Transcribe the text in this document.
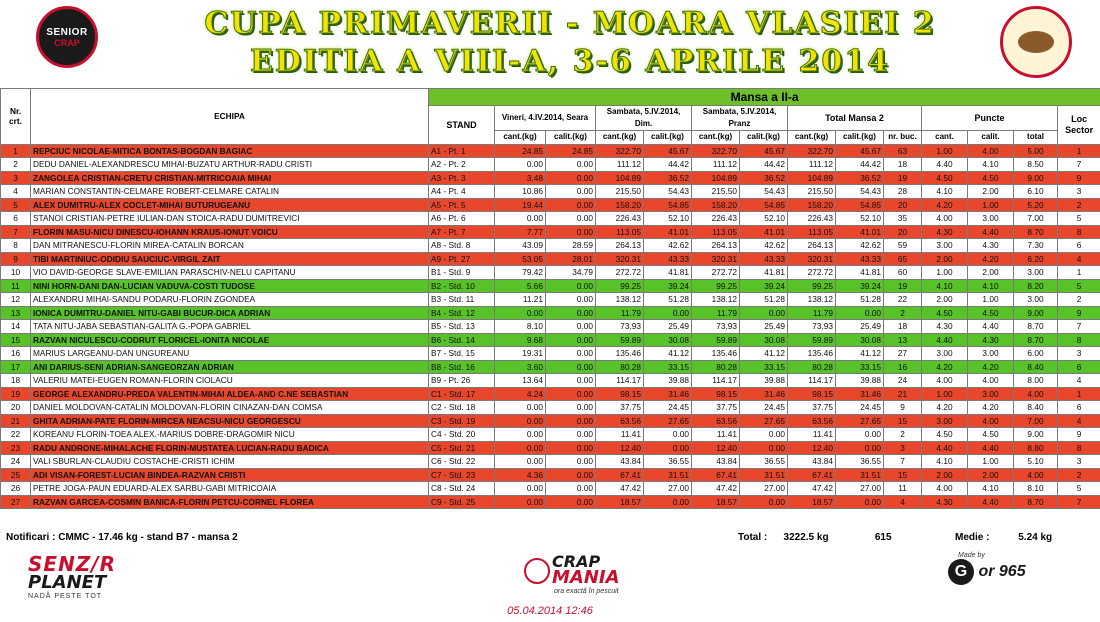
SENIOR
CRAP
CUPA PRIMAVERII - MOARA VLASIEI 2
EDITIA A VIII-A, 3-6 APRILE 2014
Nr. crt.	ECHIPA	Mansa a II-a													
		STAND	Vineri, 4.IV.2014, Seara		Sambata, 5.IV.2014, Dim.		Sambata, 5.IV.2014, Pranz		Total Mansa 2			Puncte			Loc Sector
			cant.(kg)	calit.(kg)	cant.(kg)	calit.(kg)	cant.(kg)	calit.(kg)	cant.(kg)	calit.(kg)	nr. buc.	cant.	calit.	total	
1	REPCIUC NICOLAE-MITICA BONTAS-BOGDAN BAGIAC	A1 - Pt. 1	24.85	24.85	322.70	45.67	322.70	45.67	322.70	45.67	63	1.00	4.00	5.00	1
2	DEDU DANIEL-ALEXANDRESCU MIHAI-BUZATU ARTHUR-RADU CRISTI	A2 - Pt. 2	0.00	0.00	111.12	44.42	111.12	44.42	111.12	44.42	18	4.40	4.10	8.50	7
3	ZANGOLEA CRISTIAN-CRETU CRISTIAN-MITRICOAIA MIHAI	A3 - Pt. 3	3.48	0.00	104.89	36.52	104.89	36.52	104.89	36.52	19	4.50	4.50	9.00	9
4	MARIAN CONSTANTIN-CELMARE ROBERT-CELMARE CATALIN	A4 - Pt. 4	10.86	0.00	215.50	54.43	215.50	54.43	215.50	54.43	28	4.10	2.00	6.10	3
5	ALEX DUMITRU-ALEX COCLET-MIHAI BUTURUGEANU	A5 - Pt. 5	19.44	0.00	158.20	54.85	158.20	54.85	158.20	54.85	20	4.20	1.00	5.20	2
6	STANOI CRISTIAN-PETRE IULIAN-DAN STOICA-RADU DUMITREVICI	A6 - Pt. 6	0.00	0.00	226.43	52.10	226.43	52.10	226.43	52.10	35	4.00	3.00	7.00	5
7	FLORIN MASU-NICU DINESCU-IOHANN KRAUS-IONUT VOICU	A7 - Pt. 7	7.77	0.00	113.05	41.01	113.05	41.01	113.05	41.01	20	4.30	4.40	8.70	8
8	DAN MITRANESCU-FLORIN MIREA-CATALIN BORCAN	A8 - Std. 8	43.09	28.59	264.13	42.62	264.13	42.62	264.13	42.62	59	3.00	4.30	7.30	6
9	TIBI MARTINIUC-ODIDIU SAUCIUC-VIRGIL ZAIT	A9 - Pt. 27	53.05	28.01	320.31	43.33	320.31	43.33	320.31	43.33	65	2.00	4.20	6.20	4
10	VIO DAVID-GEORGE SLAVE-EMILIAN PARASCHIV-NELU CAPITANU	B1 - Std. 9	79.42	34.79	272.72	41.81	272.72	41.81	272.72	41.81	60	1.00	2.00	3.00	1
11	NINI HORN-DANI DAN-LUCIAN VADUVA-COSTI TUDOSE	B2 - Std. 10	5.66	0.00	99.25	39.24	99.25	39.24	99.25	39.24	19	4.10	4.10	8.20	5
12	ALEXANDRU MIHAI-SANDU PODARU-FLORIN ZGONDEA	B3 - Std. 11	11.21	0.00	138.12	51.28	138.12	51.28	138.12	51.28	22	2.00	1.00	3.00	2
13	IONICA DUMITRU-DANIEL NITU-GABI BUCUR-DICA ADRIAN	B4 - Std. 12	0.00	0.00	11.79	0.00	11.79	0.00	11.79	0.00	2	4.50	4.50	9.00	9
14	TATA NITU-JABA SEBASTIAN-GALITA G.-POPA GABRIEL	B5 - Std. 13	8.10	0.00	73.93	25.49	73.93	25.49	73.93	25.49	18	4.30	4.40	8.70	7
15	RAZVAN NICULESCU-CODRUT FLORICEL-IONITA NICOLAE	B6 - Std. 14	9.68	0.00	59.89	30.08	59.89	30.08	59.89	30.08	13	4.40	4.30	8.70	8
16	MARIUS LARGEANU-DAN UNGUREANU	B7 - Std. 15	19.31	0.00	135.46	41.12	135.46	41.12	135.46	41.12	27	3.00	3.00	6.00	3
17	ANI DARIUS-SENI ADRIAN-SANGEORZAN ADRIAN	B8 - Std. 16	3.60	0.00	80.28	33.15	80.28	33.15	80.28	33.15	16	4.20	4.20	8.40	6
18	VALERIU MATEI-EUGEN ROMAN-FLORIN CIOLACU	B9 - Pt. 26	13.64	0.00	114.17	39.88	114.17	39.88	114.17	39.88	24	4.00	4.00	8.00	4
19	GEORGE ALEXANDRU-PREDA VALENTIN-MIHAI ALDEA-AND C.NE SEBASTIAN	C1 - Std. 17	4.24	0.00	98.15	31.46	98.15	31.46	98.15	31.46	21	1.00	3.00	4.00	1
20	DANIEL MOLDOVAN-CATALIN MOLDOVAN-FLORIN CINAZAN-DAN COMSA	C2 - Std. 18	0.00	0.00	37.75	24.45	37.75	24.45	37.75	24.45	9	4.20	4.20	8.40	6
21	GHITA ADRIAN-PATE FLORIN-MIRCEA NEACSU-NICU GEORGESCU	C3 - Std. 19	0.00	0.00	63.56	27.65	63.56	27.65	63.56	27.65	15	3.00	4.00	7.00	4
22	KOREANU FLORIN-TOEA ALEX.-MARIUS DOBRE-DRAGOMIR NICU	C4 - Std. 20	0.00	0.00	11.41	0.00	11.41	0.00	11.41	0.00	2	4.50	4.50	9.00	9
23	RADU ANDRONE-MIHALACHE FLORIN-MUSTATEA LUCIAN-RADU BADICA	C5 - Std. 21	0.00	0.00	12.40	0.00	12.40	0.00	12.40	0.00	3	4.40	4.40	8.80	8
24	VALI SBURLAN-CLAUDIU COSTACHE-CRISTI ICHIM	C6 - Std. 22	0.00	0.00	43.84	36.55	43.84	36.55	43.84	36.55	7	4.10	1.00	5.10	3
25	ADI VISAN-FOREST-LUCIAN BINDEA-RAZVAN CRISTI	C7 - Std. 23	4.36	0.00	67.41	31.51	67.41	31.51	67.41	31.51	15	2.00	2.00	4.00	2
26	PETRE JOGA-PAUN EDUARD-ALEX SARBU-GABI MITRICOAIA	C8 - Std. 24	0.00	0.00	47.42	27.00	47.42	27.00	47.42	27.00	11	4.00	4.10	8.10	5
27	RAZVAN GARCEA-COSMIN BANICA-FLORIN PETCU-CORNEL FLOREA	C9 - Std. 25	0.00	0.00	18.57	0.00	18.57	0.00	18.57	0.00	4	4.30	4.40	8.70	7
Notificari : CMMC - 17.46 kg - stand B7 - mansa 2	Total : 3222.5 kg	615	Medie :	5.24 kg
SENZ/R
PLANET
NADĂ PESTE TOT
CRAP
MANIA
ora exactă în pescuit
Made by
G or 965
05.04.2014 12:46
